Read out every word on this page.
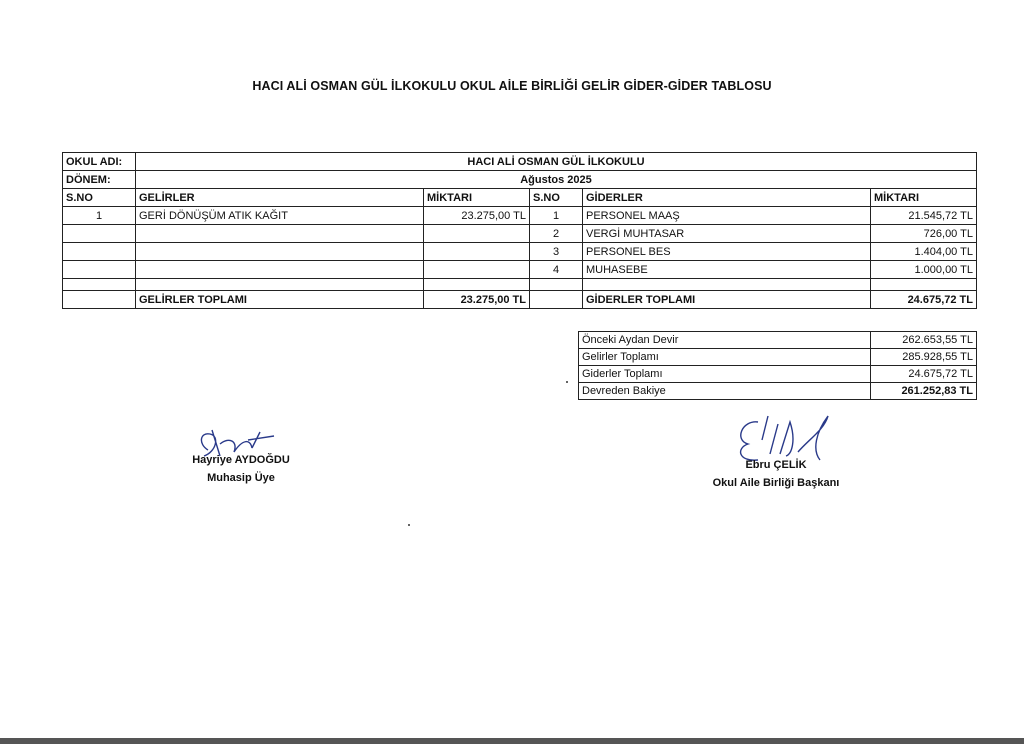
HACI ALİ OSMAN GÜL İLKOKULU OKUL AİLE BİRLİĞİ GELİR GİDER-GİDER TABLOSU
OKUL ADI:	HACI ALİ OSMAN GÜL İLKOKULU				
DÖNEM:	Ağustos 2025				
S.NO	GELİRLER	MİKTARI	S.NO	GİDERLER	MİKTARI
1	GERİ DÖNÜŞÜM ATIK KAĞIT	23.275,00 TL	1	PERSONEL MAAŞ	21.545,72 TL
			2	VERGİ MUHTASAR	726,00 TL
			3	PERSONEL BES	1.404,00 TL
			4	MUHASEBE	1.000,00 TL

	GELİRLER TOPLAMI	23.275,00 TL		GİDERLER TOPLAMI	24.675,72 TL
Önceki Aydan Devir	262.653,55 TL
Gelirler Toplamı	285.928,55 TL
Giderler Toplamı	24.675,72 TL
Devreden Bakiye	261.252,83 TL
Hayriye AYDOĞDU
Muhasip Üye
Ebru ÇELİK
Okul Aile Birliği Başkanı
